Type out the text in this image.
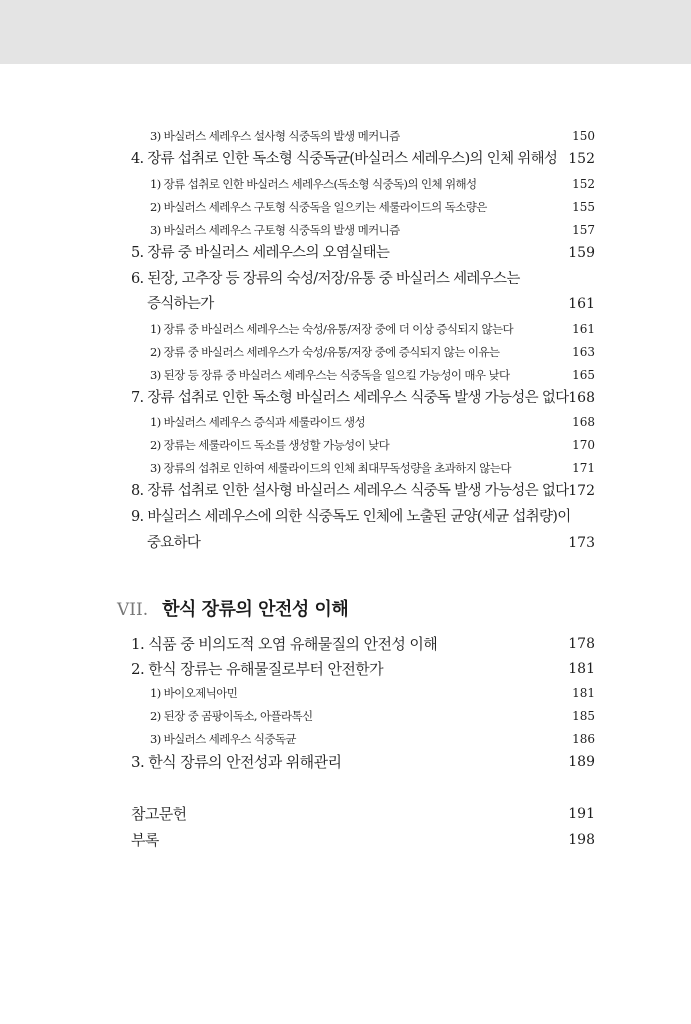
3) 바실러스 세레우스 설사형 식중독의 발생 메커니즘	150
4. 장류 섭취로 인한 독소형 식중독균(바실러스 세레우스)의 인체 위해성 152
1) 장류 섭취로 인한 바실러스 세레우스(독소형 식중독)의 인체 위해성	152
2) 바실러스 세레우스 구토형 식중독을 일으키는 세룰라이드의 독소량은	155
3) 바실러스 세레우스 구토형 식중독의 발생 메커니즘	157
5. 장류 중 바실러스 세레우스의 오염실태는	159
6. 된장, 고추장 등 장류의 숙성/저장/유통 중 바실러스 세레우스는
증식하는가	161
1) 장류 중 바실러스 세레우스는 숙성/유통/저장 중에 더 이상 증식되지 않는다	161
2) 장류 중 바실러스 세레우스가 숙성/유통/저장 중에 증식되지 않는 이유는	163
3) 된장 등 장류 중 바실러스 세레우스는 식중독을 일으킬 가능성이 매우 낮다	165
7. 장류 섭취로 인한 독소형 바실러스 세레우스 식중독 발생 가능성은 없다 168
1) 바실러스 세레우스 증식과 세룰라이드 생성	168
2) 장류는 세룰라이드 독소를 생성할 가능성이 낮다	170
3) 장류의 섭취로 인하여 세룰라이드의 인체 최대무독성량을 초과하지 않는다	171
8. 장류 섭취로 인한 설사형 바실러스 세레우스 식중독 발생 가능성은 없다 172
9. 바실러스 세레우스에 의한 식중독도 인체에 노출된 균양(세균 섭취량)이
중요하다	173
VII. 한식 장류의 안전성 이해
1. 식품 중 비의도적 오염 유해물질의 안전성 이해	178
2. 한식 장류는 유해물질로부터 안전한가	181
1) 바이오제닉아민	181
2) 된장 중 곰팡이독소, 아플라톡신	185
3) 바실러스 세레우스 식중독균	186
3. 한식 장류의 안전성과 위해관리	189
참고문헌	191
부록	198
